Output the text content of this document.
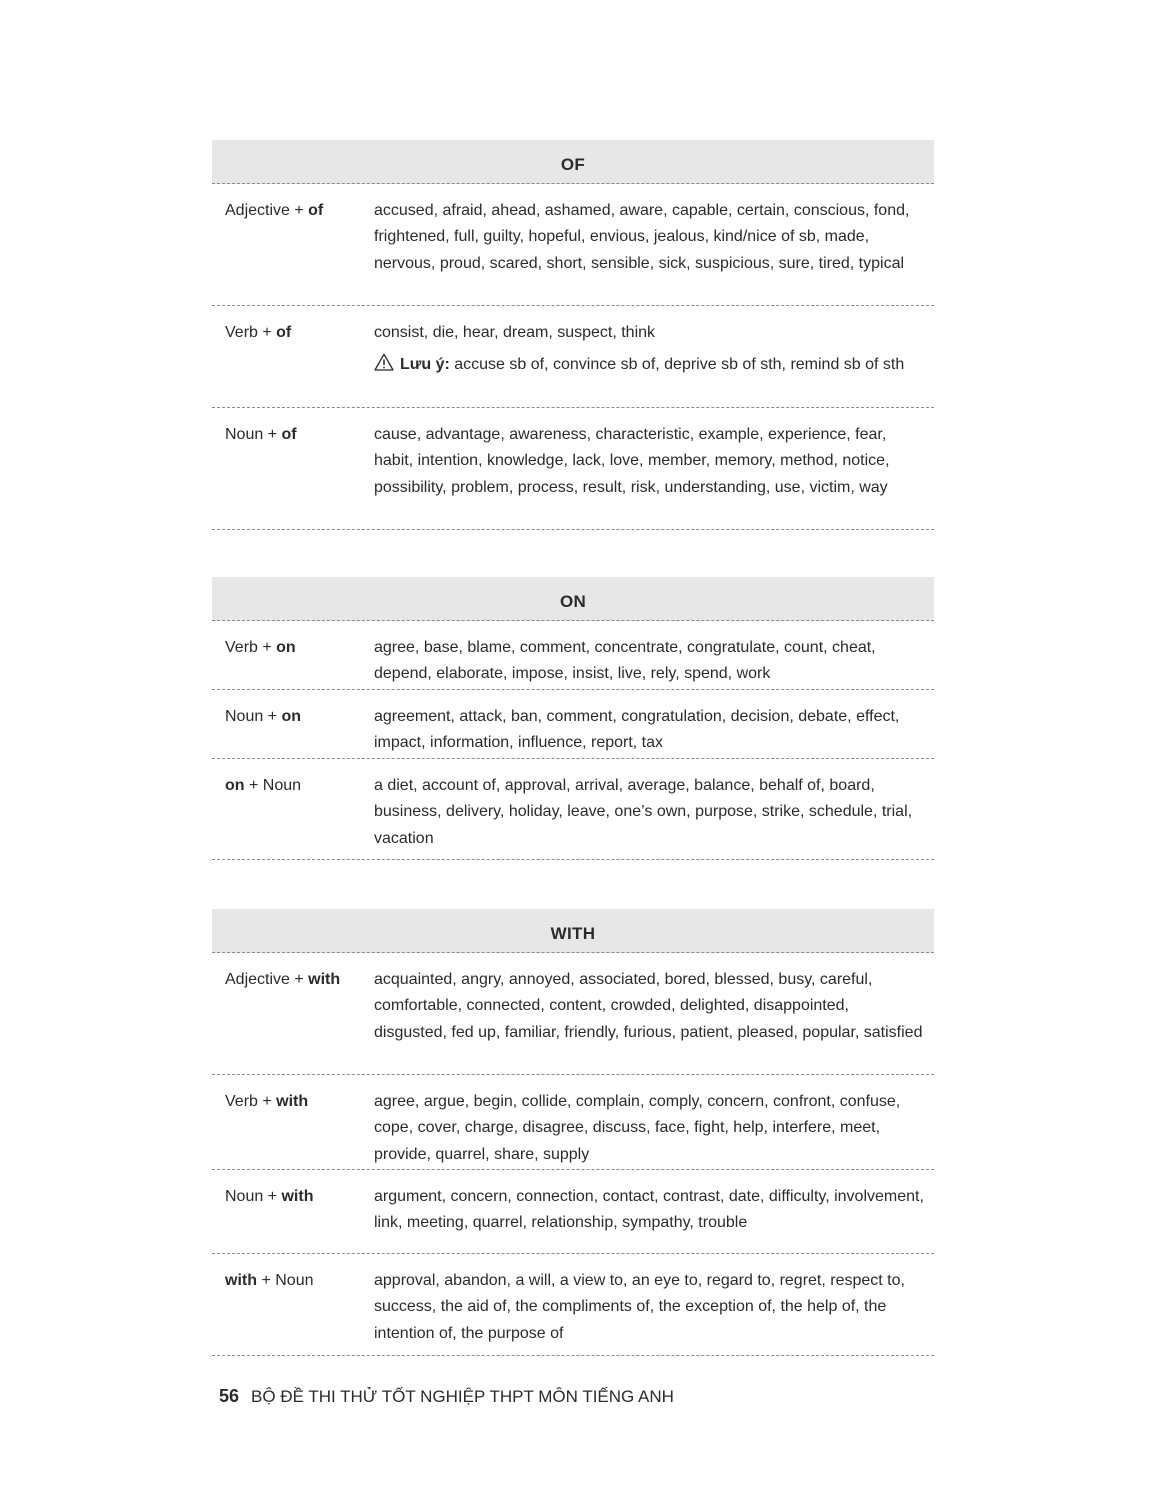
OF
Adjective + of	accused, afraid, ahead, ashamed, aware, capable, certain, conscious, fond, frightened, full, guilty, hopeful, envious, jealous, kind/nice of sb, made, nervous, proud, scared, short, sensible, sick, suspicious, sure, tired, typical
Verb + of	consist, die, hear, dream, suspect, think
Lưu ý: accuse sb of, convince sb of, deprive sb of sth, remind sb of sth
Noun + of	cause, advantage, awareness, characteristic, example, experience, fear, habit, intention, knowledge, lack, love, member, memory, method, notice, possibility, problem, process, result, risk, understanding, use, victim, way
ON
Verb + on	agree, base, blame, comment, concentrate, congratulate, count, cheat, depend, elaborate, impose, insist, live, rely, spend, work
Noun + on	agreement, attack, ban, comment, congratulation, decision, debate, effect, impact, information, influence, report, tax
on + Noun	a diet, account of, approval, arrival, average, balance, behalf of, board, business, delivery, holiday, leave, one’s own, purpose, strike, schedule, trial, vacation
WITH
Adjective + with	acquainted, angry, annoyed, associated, bored, blessed, busy, careful, comfortable, connected, content, crowded, delighted, disappointed, disgusted, fed up, familiar, friendly, furious, patient, pleased, popular, satisfied
Verb + with	agree, argue, begin, collide, complain, comply, concern, confront, confuse, cope, cover, charge, disagree, discuss, face, fight, help, interfere, meet, provide, quarrel, share, supply
Noun + with	argument, concern, connection, contact, contrast, date, difficulty, involvement, link, meeting, quarrel, relationship, sympathy, trouble
with + Noun	approval, abandon, a will, a view to, an eye to, regard to, regret, respect to, success, the aid of, the compliments of, the exception of, the help of, the intention of, the purpose of
56 BỘ ĐỀ THI THỬ TỐT NGHIỆP THPT MÔN TIẾNG ANH
